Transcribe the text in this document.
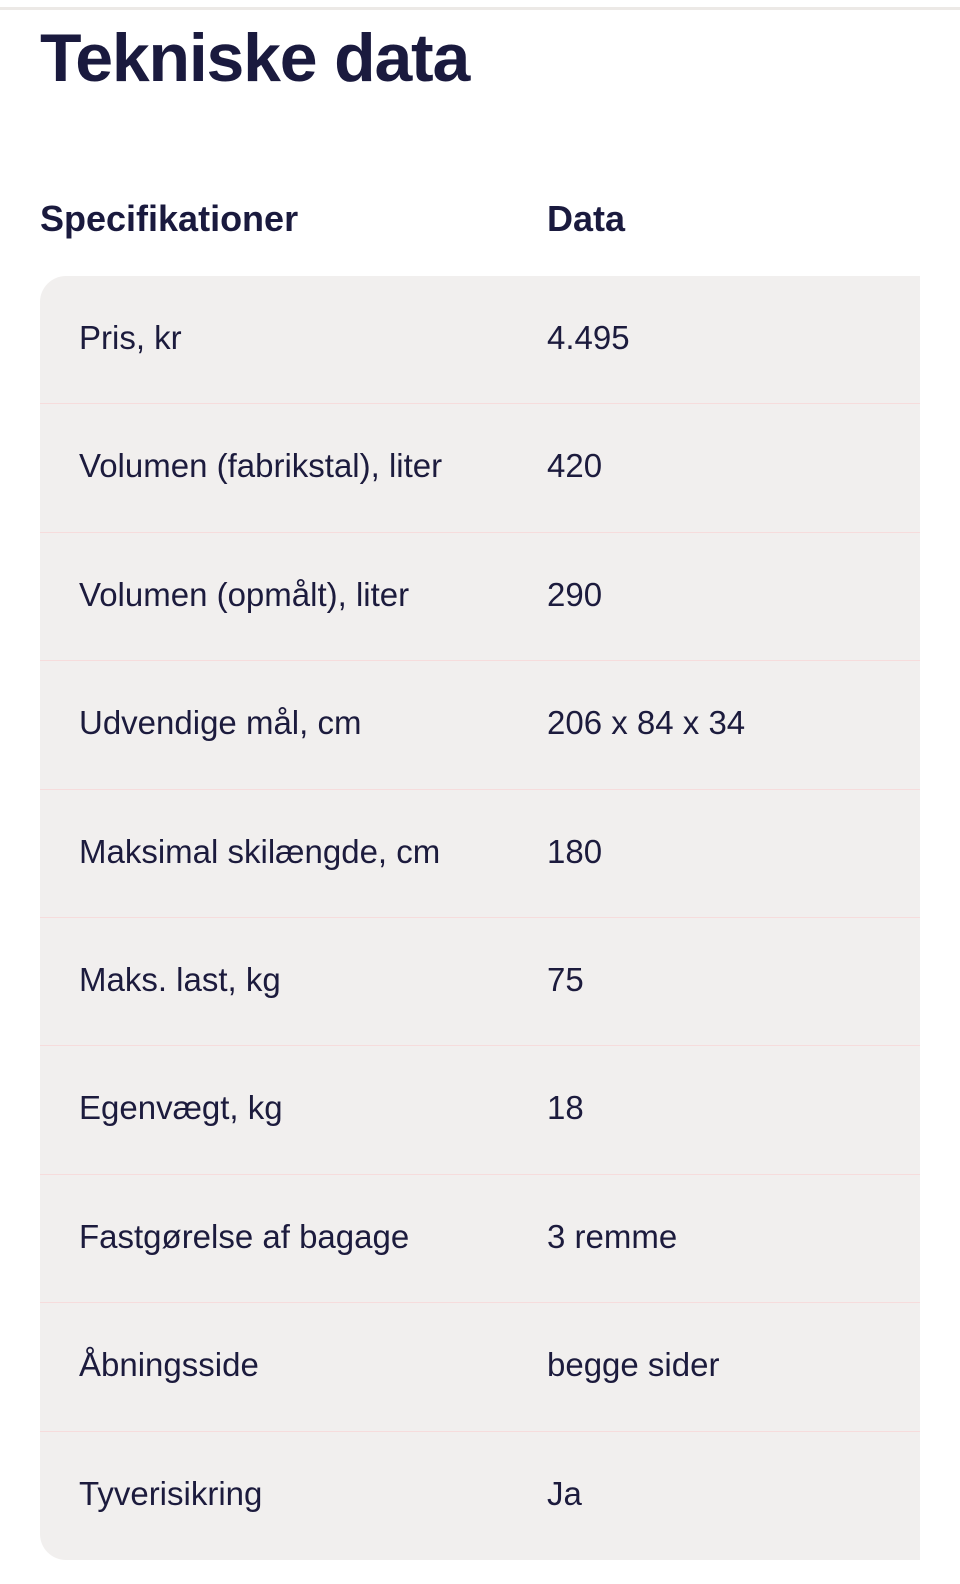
Tekniske data
Specifikationer	Data
Pris, kr	4.495
Volumen (fabrikstal), liter	420
Volumen (opmålt), liter	290
Udvendige mål, cm	206 x 84 x 34
Maksimal skilængde, cm	180
Maks. last, kg	75
Egenvægt, kg	18
Fastgørelse af bagage	3 remme
Åbningsside	begge sider
Tyverisikring	Ja
